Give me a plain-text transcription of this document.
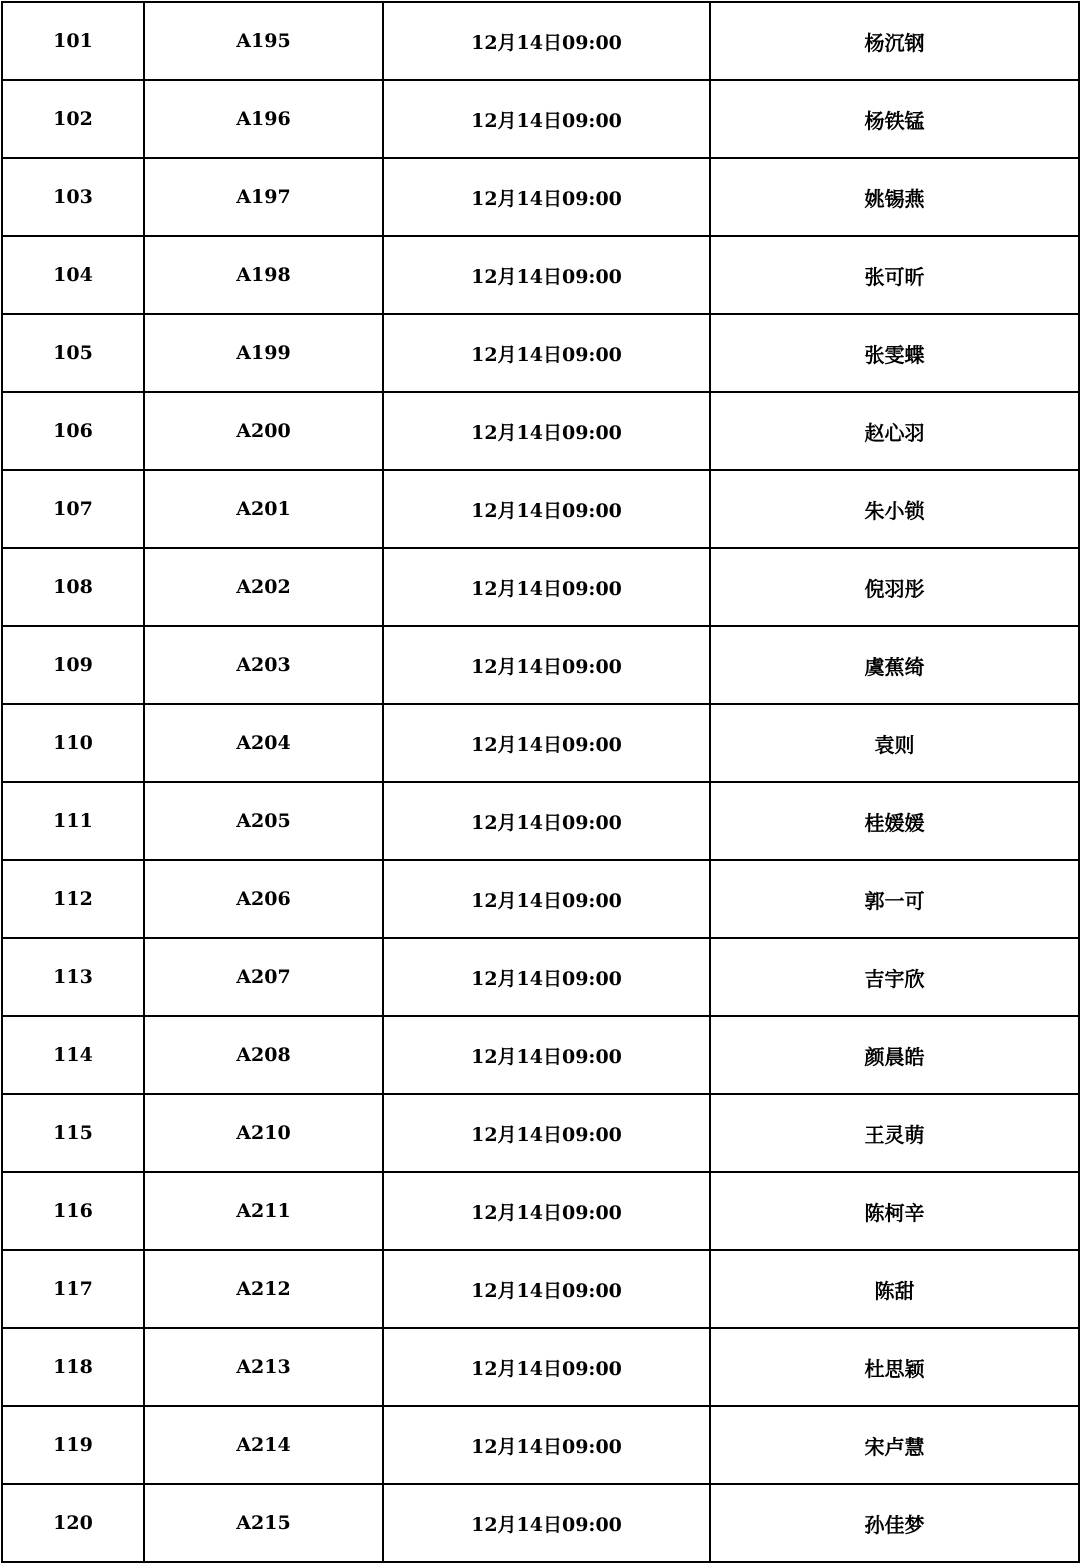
101	A195	12月14日09:00	杨沉钢
102	A196	12月14日09:00	杨铁锰
103	A197	12月14日09:00	姚锡燕
104	A198	12月14日09:00	张可昕
105	A199	12月14日09:00	张雯蝶
106	A200	12月14日09:00	赵心羽
107	A201	12月14日09:00	朱小锁
108	A202	12月14日09:00	倪羽彤
109	A203	12月14日09:00	虞蕉绮
110	A204	12月14日09:00	袁则
111	A205	12月14日09:00	桂媛媛
112	A206	12月14日09:00	郭一可
113	A207	12月14日09:00	吉宇欣
114	A208	12月14日09:00	颜晨皓
115	A210	12月14日09:00	王灵萌
116	A211	12月14日09:00	陈柯辛
117	A212	12月14日09:00	陈甜
118	A213	12月14日09:00	杜思颖
119	A214	12月14日09:00	宋卢慧
120	A215	12月14日09:00	孙佳梦
